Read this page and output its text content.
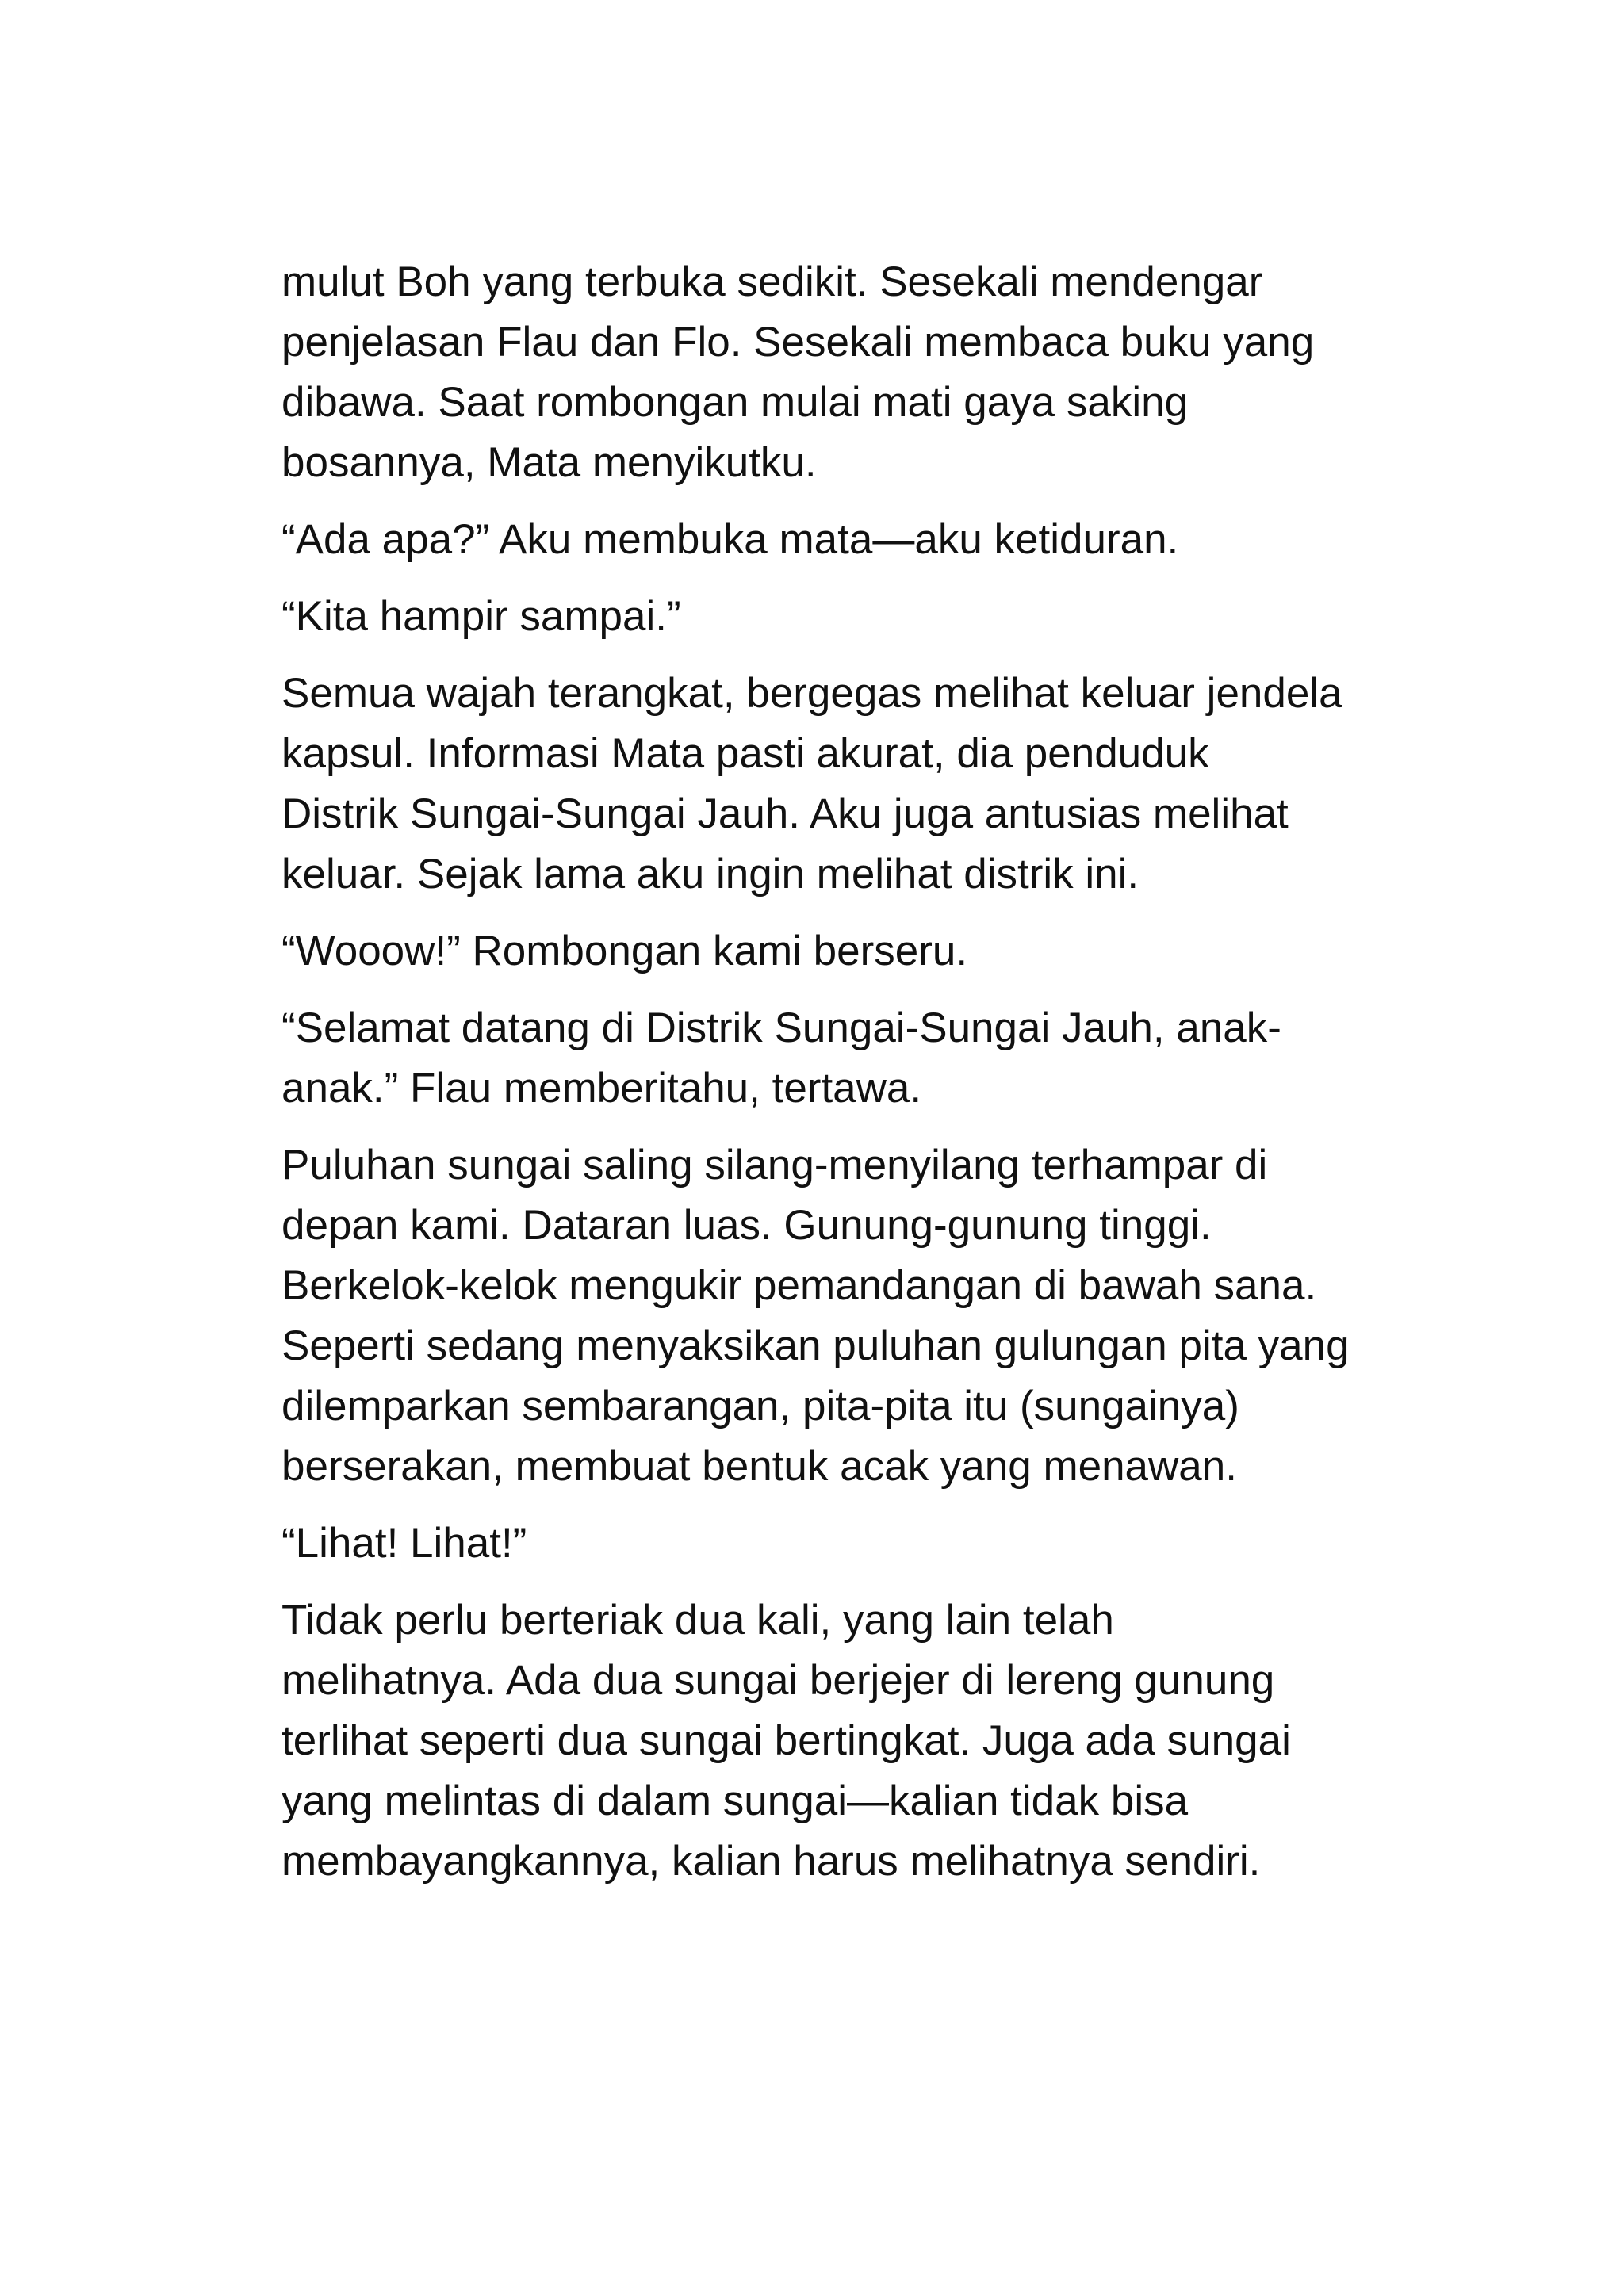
mulut Boh yang terbuka sedikit. Sesekali mendengar
penjelasan Flau dan Flo. Sesekali membaca buku yang
dibawa. Saat rombongan mulai mati gaya saking
bosannya, Mata menyikutku.

“Ada apa?” Aku membuka mata—aku ketiduran.

“Kita hampir sampai.”

Semua wajah terangkat, bergegas melihat keluar jendela
kapsul. Informasi Mata pasti akurat, dia penduduk
Distrik Sungai-Sungai Jauh. Aku juga antusias melihat
keluar. Sejak lama aku ingin melihat distrik ini.

“Wooow!” Rombongan kami berseru.

“Selamat datang di Distrik Sungai-Sungai Jauh, anak-
anak.” Flau memberitahu, tertawa.

Puluhan sungai saling silang-menyilang terhampar di
depan kami. Dataran luas. Gunung-gunung tinggi.
Berkelok-kelok mengukir pemandangan di bawah sana.
Seperti sedang menyaksikan puluhan gulungan pita yang
dilemparkan sembarangan, pita-pita itu (sungainya)
berserakan, membuat bentuk acak yang menawan.

“Lihat! Lihat!”

Tidak perlu berteriak dua kali, yang lain telah
melihatnya. Ada dua sungai berjejer di lereng gunung
terlihat seperti dua sungai bertingkat. Juga ada sungai
yang melintas di dalam sungai—kalian tidak bisa
membayangkannya, kalian harus melihatnya sendiri.
